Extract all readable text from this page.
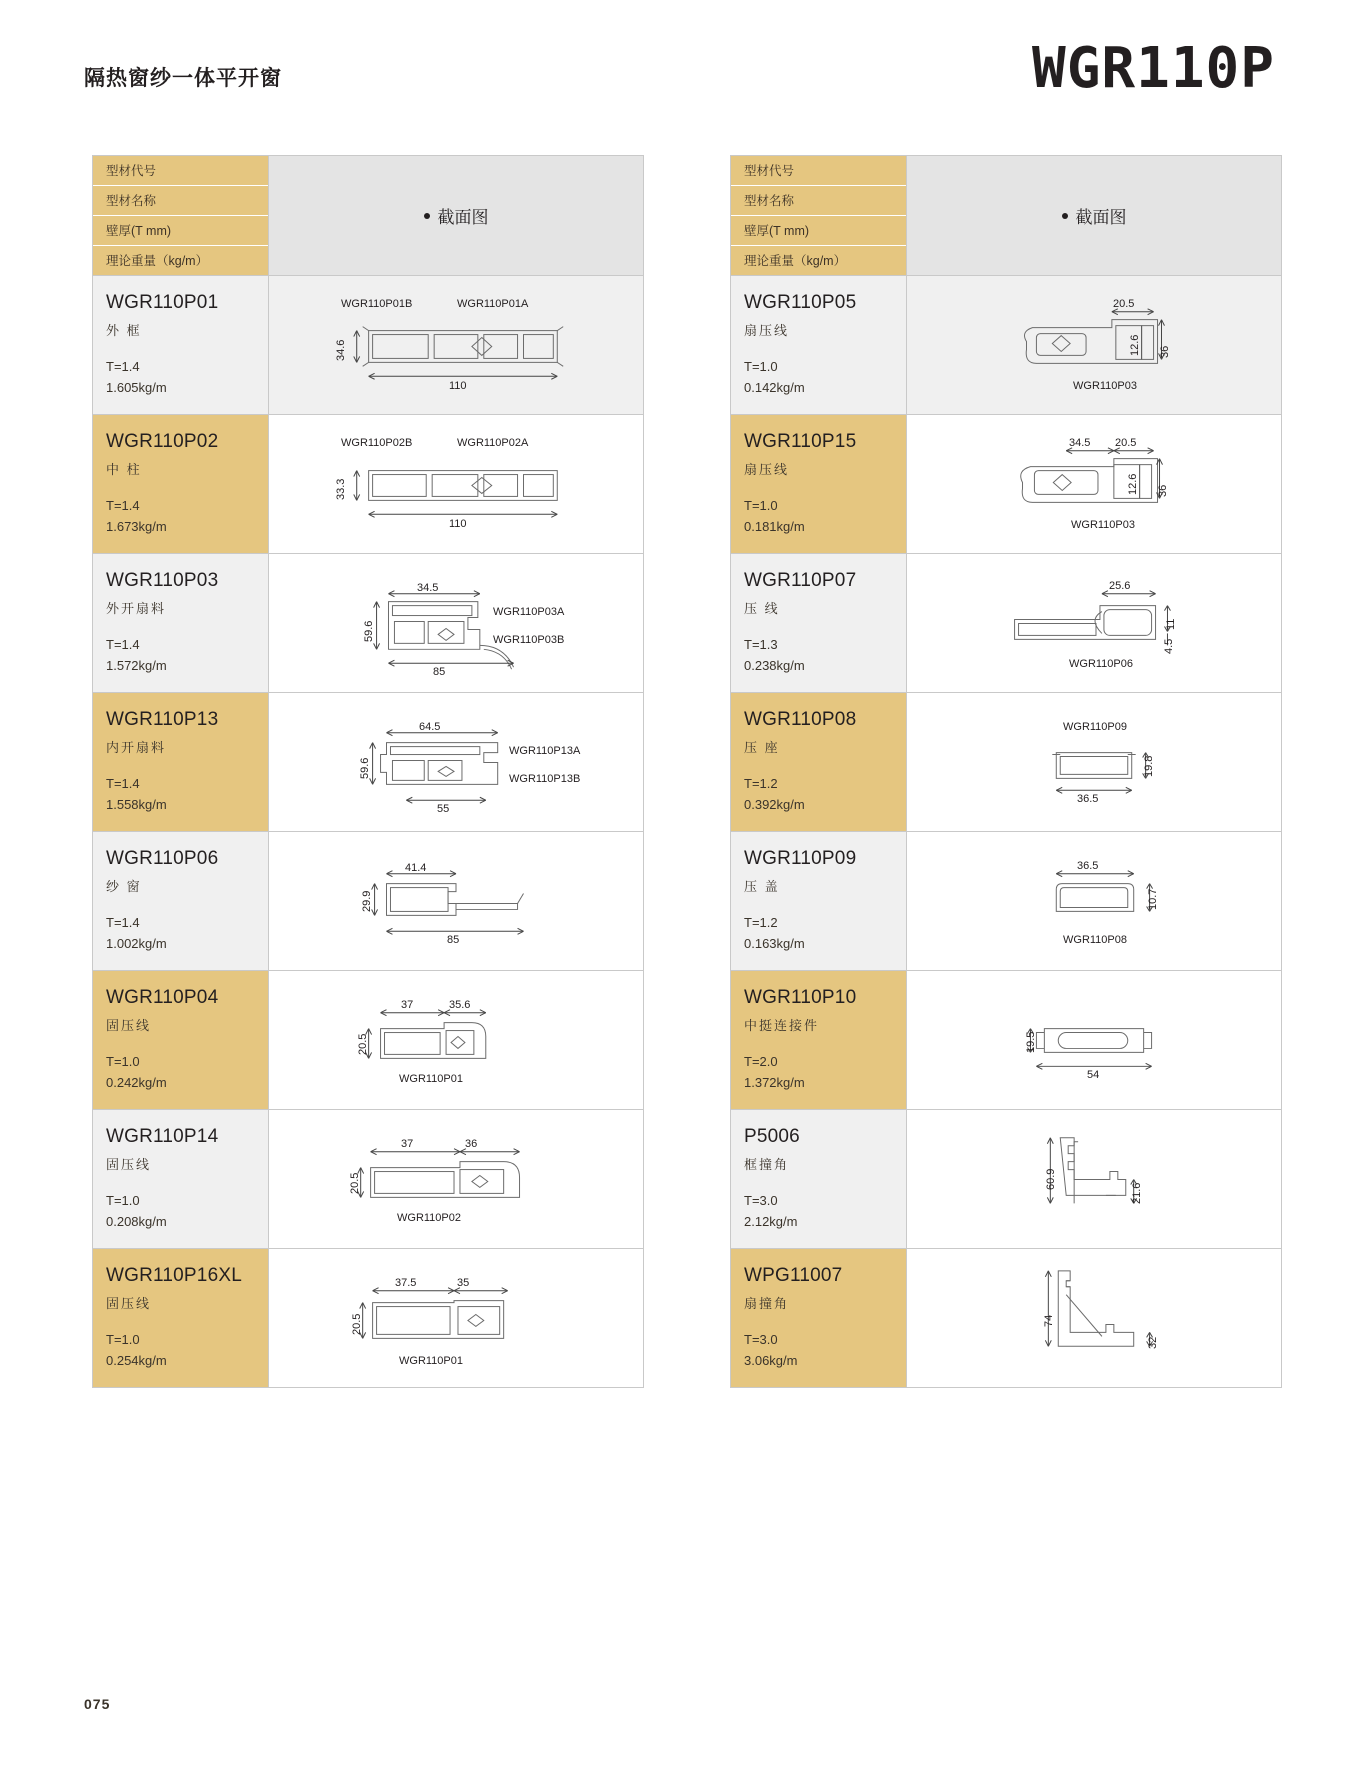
隔热窗纱一体平开窗	WGR110P
型材代号
型材名称
壁厚(T mm)
理论重量（kg/m）
截面图
WGR110P01
外 框
T=1.4
1.605kg/m
WGR110P01B	WGR110P01A
34.6
110
WGR110P02
中 柱
T=1.4
1.673kg/m
WGR110P02B	WGR110P02A
33.3
110
WGR110P03
外开扇料
T=1.4
1.572kg/m
34.5
59.6
85
WGR110P03A
WGR110P03B
WGR110P13
内开扇料
T=1.4
1.558kg/m
64.5
59.6
55
WGR110P13A
WGR110P13B
WGR110P06
纱 窗
T=1.4
1.002kg/m
41.4
29.9
85
WGR110P04
固压线
T=1.0
0.242kg/m
37	35.6
20.5
WGR110P01
WGR110P14
固压线
T=1.0
0.208kg/m
37	36
20.5
WGR110P02
WGR110P16XL
固压线
T=1.0
0.254kg/m
37.5	35
20.5
WGR110P01
型材代号
型材名称
壁厚(T mm)
理论重量（kg/m）
截面图
WGR110P05
扇压线
T=1.0
0.142kg/m
20.5
12.6 36
WGR110P03
WGR110P15
扇压线
T=1.0
0.181kg/m
34.5 20.5
12.6 36
WGR110P03
WGR110P07
压 线
T=1.3
0.238kg/m
25.6
11
4.5
WGR110P06
WGR110P08
压 座
T=1.2
0.392kg/m
WGR110P09
19.8
36.5
WGR110P09
压 盖
T=1.2
0.163kg/m
36.5
10.7
WGR110P08
WGR110P10
中挺连接件
T=2.0
1.372kg/m
19.5
54
P5006
框撞角
T=3.0
2.12kg/m
60.9
21.6
WPG11007
扇撞角
T=3.0
3.06kg/m
74
32
075
